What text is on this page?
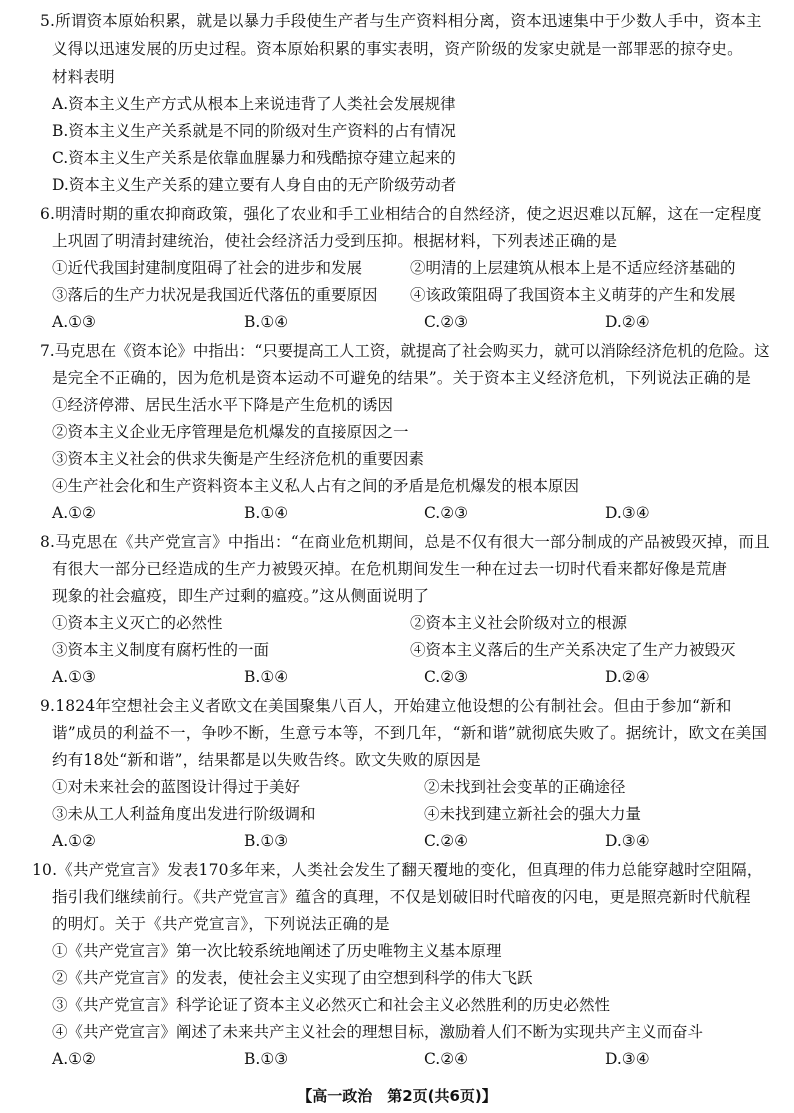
5.所谓资本原始积累，就是以暴力手段使生产者与生产资料相分离，资本迅速集中于少数人手中，资本主
义得以迅速发展的历史过程。资本原始积累的事实表明，资产阶级的发家史就是一部罪恶的掠夺史。
材料表明
A.资本主义生产方式从根本上来说违背了人类社会发展规律
B.资本主义生产关系就是不同的阶级对生产资料的占有情况
C.资本主义生产关系是依靠血腥暴力和残酷掠夺建立起来的
D.资本主义生产关系的建立要有人身自由的无产阶级劳动者
6.明清时期的重农抑商政策，强化了农业和手工业相结合的自然经济，使之迟迟难以瓦解，这在一定程度
上巩固了明清封建统治，使社会经济活力受到压抑。根据材料，下列表述正确的是
①近代我国封建制度阻碍了社会的进步和发展	②明清的上层建筑从根本上是不适应经济基础的
③落后的生产力状况是我国近代落伍的重要原因 ④该政策阻碍了我国资本主义萌芽的产生和发展
A.①③	B.①④	C.②③	D.②④
7.马克思在《资本论》中指出：“只要提高工人工资，就提高了社会购买力，就可以消除经济危机的危险。这
是完全不正确的，因为危机是资本运动不可避免的结果”。关于资本主义经济危机，下列说法正确的是
①经济停滞、居民生活水平下降是产生危机的诱因
②资本主义企业无序管理是危机爆发的直接原因之一
③资本主义社会的供求失衡是产生经济危机的重要因素
④生产社会化和生产资料资本主义私人占有之间的矛盾是危机爆发的根本原因
A.①②	B.①④	C.②③	D.③④
8.马克思在《共产党宣言》中指出：“在商业危机期间，总是不仅有很大一部分制成的产品被毁灭掉，而且
有很大一部分已经造成的生产力被毁灭掉。在危机期间发生一种在过去一切时代看来都好像是荒唐
现象的社会瘟疫，即生产过剩的瘟疫。”这从侧面说明了
①资本主义灭亡的必然性	②资本主义社会阶级对立的根源
③资本主义制度有腐朽性的一面	④资本主义落后的生产关系决定了生产力被毁灭
A.①③	B.①④	C.②③	D.②④
9.1824年空想社会主义者欧文在美国聚集八百人，开始建立他设想的公有制社会。但由于参加“新和
谐”成员的利益不一，争吵不断，生意亏本等，不到几年，“新和谐”就彻底失败了。据统计，欧文在美国
约有18处“新和谐”，结果都是以失败告终。欧文失败的原因是
①对未来社会的蓝图设计得过于美好	②未找到社会变革的正确途径
③未从工人利益角度出发进行阶级调和	④未找到建立新社会的强大力量
A.①②	B.①③	C.②④	D.③④
10.《共产党宣言》发表170多年来，人类社会发生了翻天覆地的变化，但真理的伟力总能穿越时空阻隔，
指引我们继续前行。《共产党宣言》蕴含的真理，不仅是划破旧时代暗夜的闪电，更是照亮新时代航程
的明灯。关于《共产党宣言》，下列说法正确的是
①《共产党宣言》第一次比较系统地阐述了历史唯物主义基本原理
②《共产党宣言》的发表，使社会主义实现了由空想到科学的伟大飞跃
③《共产党宣言》科学论证了资本主义必然灭亡和社会主义必然胜利的历史必然性
④《共产党宣言》阐述了未来共产主义社会的理想目标，激励着人们不断为实现共产主义而奋斗
A.①②	B.①③	C.②④	D.③④
【高一政治　第2页(共6页)】
